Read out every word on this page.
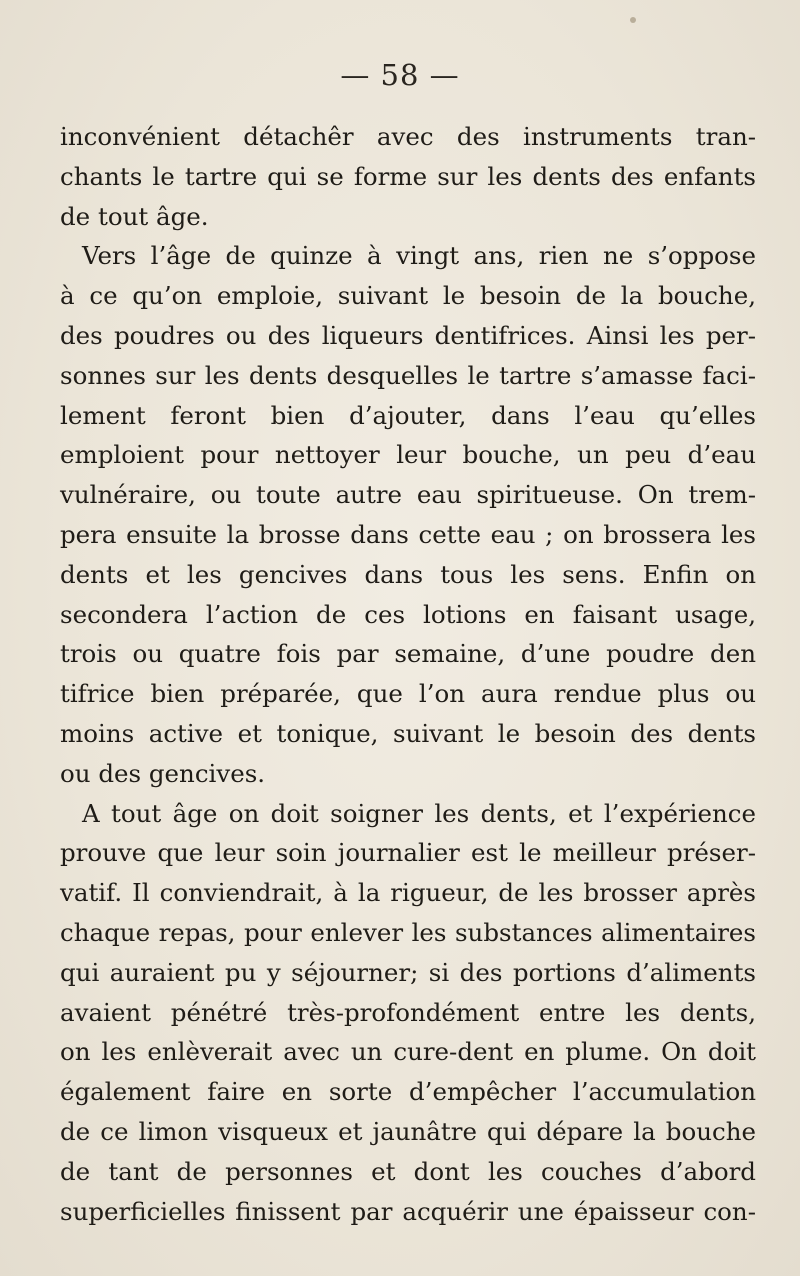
— 58 —
inconvénient détachêr avec des instruments tran-
chants le tartre qui se forme sur les dents des enfants
de tout âge.
Vers l’âge de quinze à vingt ans, rien ne s’oppose
à ce qu’on emploie, suivant le besoin de la bouche,
des poudres ou des liqueurs dentifrices. Ainsi les per-
sonnes sur les dents desquelles le tartre s’amasse faci-
lement feront bien d’ajouter, dans l’eau qu’elles
emploient pour nettoyer leur bouche, un peu d’eau
vulnéraire, ou toute autre eau spiritueuse. On trem-
pera ensuite la brosse dans cette eau ; on brossera les
dents et les gencives dans tous les sens. Enfin on
secondera l’action de ces lotions en faisant usage,
trois ou quatre fois par semaine, d’une poudre den
tifrice bien préparée, que l’on aura rendue plus ou
moins active et tonique, suivant le besoin des dents
ou des gencives.
A tout âge on doit soigner les dents, et l’expérience
prouve que leur soin journalier est le meilleur préser-
vatif. Il conviendrait, à la rigueur, de les brosser après
chaque repas, pour enlever les substances alimentaires
qui auraient pu y séjourner; si des portions d’aliments
avaient pénétré très-profondément entre les dents,
on les enlèverait avec un cure-dent en plume. On doit
également faire en sorte d’empêcher l’accumulation
de ce limon visqueux et jaunâtre qui dépare la bouche
de tant de personnes et dont les couches d’abord
superficielles finissent par acquérir une épaisseur con-
